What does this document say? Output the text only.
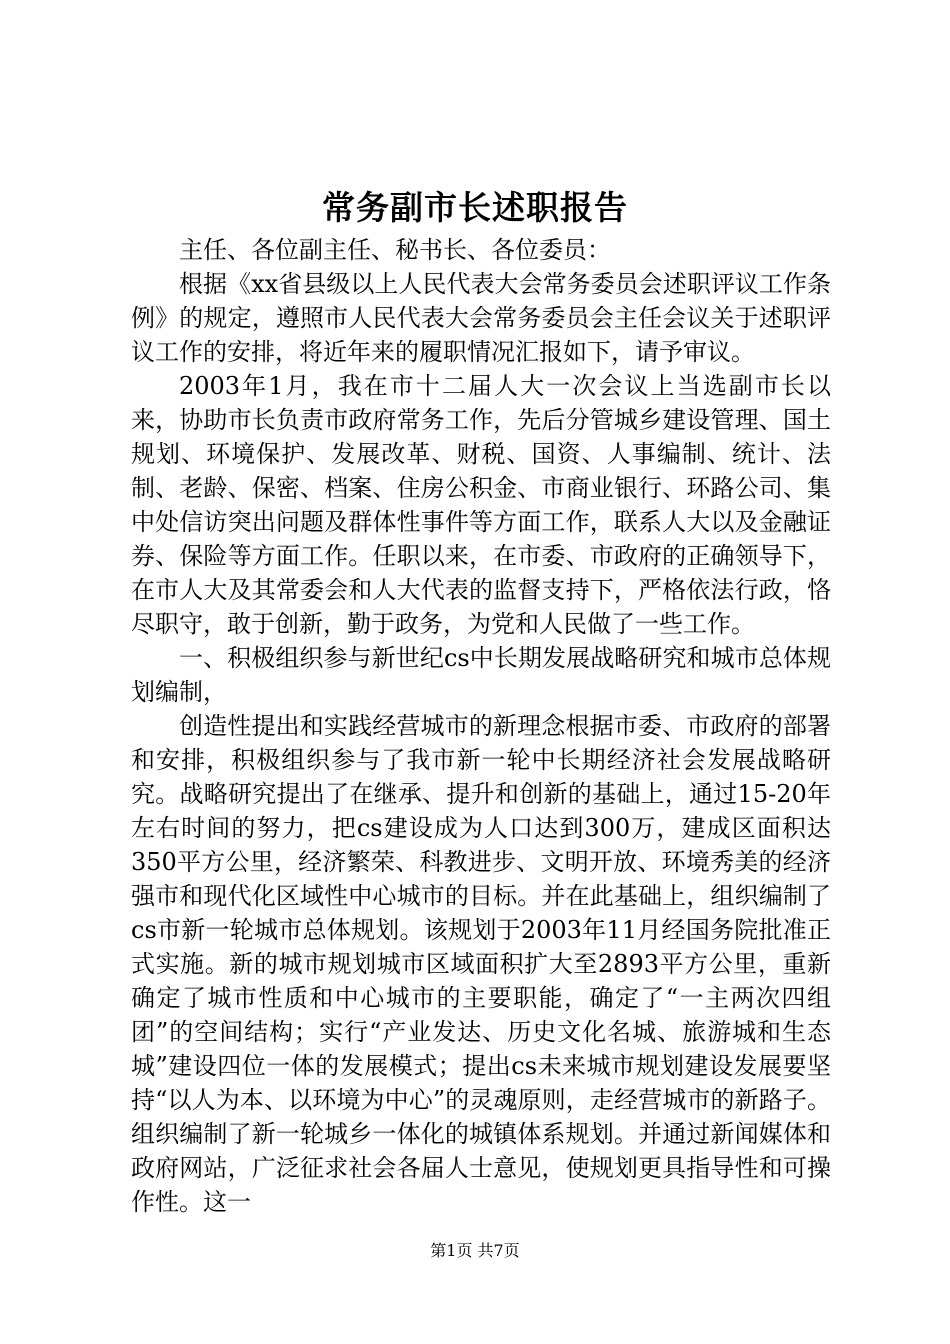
常务副市长述职报告

主任、各位副主任、秘书长、各位委员：

根据《xx省县级以上人民代表大会常务委员会述职评议工作条例》的规定，遵照市人民代表大会常务委员会主任会议关于述职评议工作的安排，将近年来的履职情况汇报如下，请予审议。

2003年1月，我在市十二届人大一次会议上当选副市长以来，协助市长负责市政府常务工作，先后分管城乡建设管理、国土规划、环境保护、发展改革、财税、国资、人事编制、统计、法制、老龄、保密、档案、住房公积金、市商业银行、环路公司、集中处信访突出问题及群体性事件等方面工作，联系人大以及金融证券、保险等方面工作。任职以来，在市委、市政府的正确领导下，在市人大及其常委会和人大代表的监督支持下，严格依法行政，恪尽职守，敢于创新，勤于政务，为党和人民做了一些工作。

一、积极组织参与新世纪cs中长期发展战略研究和城市总体规划编制，

创造性提出和实践经营城市的新理念根据市委、市政府的部署和安排，积极组织参与了我市新一轮中长期经济社会发展战略研究。战略研究提出了在继承、提升和创新的基础上，通过15-20年左右时间的努力，把cs建设成为人口达到300万，建成区面积达350平方公里，经济繁荣、科教进步、文明开放、环境秀美的经济强市和现代化区域性中心城市的目标。并在此基础上，组织编制了cs市新一轮城市总体规划。该规划于2003年11月经国务院批准正式实施。新的城市规划城市区域面积扩大至2893平方公里，重新确定了城市性质和中心城市的主要职能，确定了“一主两次四组团”的空间结构；实行“产业发达、历史文化名城、旅游城和生态城”建设四位一体的发展模式；提出cs未来城市规划建设发展要坚持“以人为本、以环境为中心”的灵魂原则，走经营城市的新路子。组织编制了新一轮城乡一体化的城镇体系规划。并通过新闻媒体和政府网站，广泛征求社会各届人士意见，使规划更具指导性和可操作性。这一

第1页 共7页
